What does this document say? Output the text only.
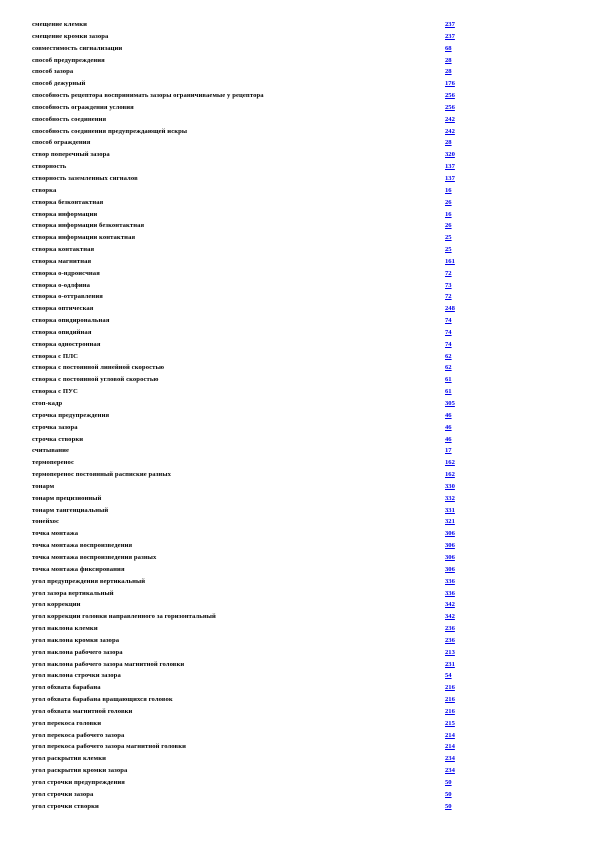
смещение клемки	237
смещение кромки зазора	237
совместимость сигнализации	68
способ предупреждения	28
способ зазора	28
способ дежурный	176
способность рецептора воспринимать зазоры ограничиваемые у рецептора	256
способность ограждения условия	256
способность соединения	242
способность соединения предупреждающей искры	242
способ ограждения	28
створ поперечный зазора	320
створность	137
створность заземленных сигналов	137
створка	16
створка безконтактная	26
створка информации	16
створка информации безконтактная	26
створка информации контактная	25
створка контактная	25
створка магнитная	161
створка о-ндроисчная	72
створка о-одлфина	73
створка о-оттравления	72
створка оптическая	248
створка опидирональная	74
створка опидийная	74
створка одностронная	74
створка с ПЛС	62
створка с постоянной линейной скоростью	62
створка с постоянной угловой скоростью	61
створка с ПУС	61
стоп-кадр	305
строчка предупреждения	46
строчка зазора	46
строчка створки	46
считывание	17
термоперенос	162
термоперенос постоянный распиские разных	162
тонарм	330
тонарм прецизионный	332
тонарм тангенциальный	331
тонейхос	321
точка монтажа	306
точка монтажа воспроизведения	306
точка монтажа воспроизведения разных	306
точка монтажа фиксирования	306
угол предупреждения вертикальный	336
угол зазора вертикальный	336
угол коррекции	342
угол коррекции головки направленного за горизонтальный	342
угол наклона клемки	236
угол наклона кромки зазора	236
угол наклона рабочего зазора	213
угол наклона рабочего зазора магнитной головки	231
угол наклона строчки зазора	54
угол обхвата барабана	216
угол обхвата барабана вращающихся головок	216
угол обхвата магнитной головки	216
угол перекоса головки	215
угол перекоса рабочего зазора	214
угол перекоса рабочего зазора магнитной головки	214
угол раскрытия клемки	234
угол раскрытия кромки зазора	234
угол строчки предупреждения	50
угол строчки зазора	50
угол строчки створки	50
